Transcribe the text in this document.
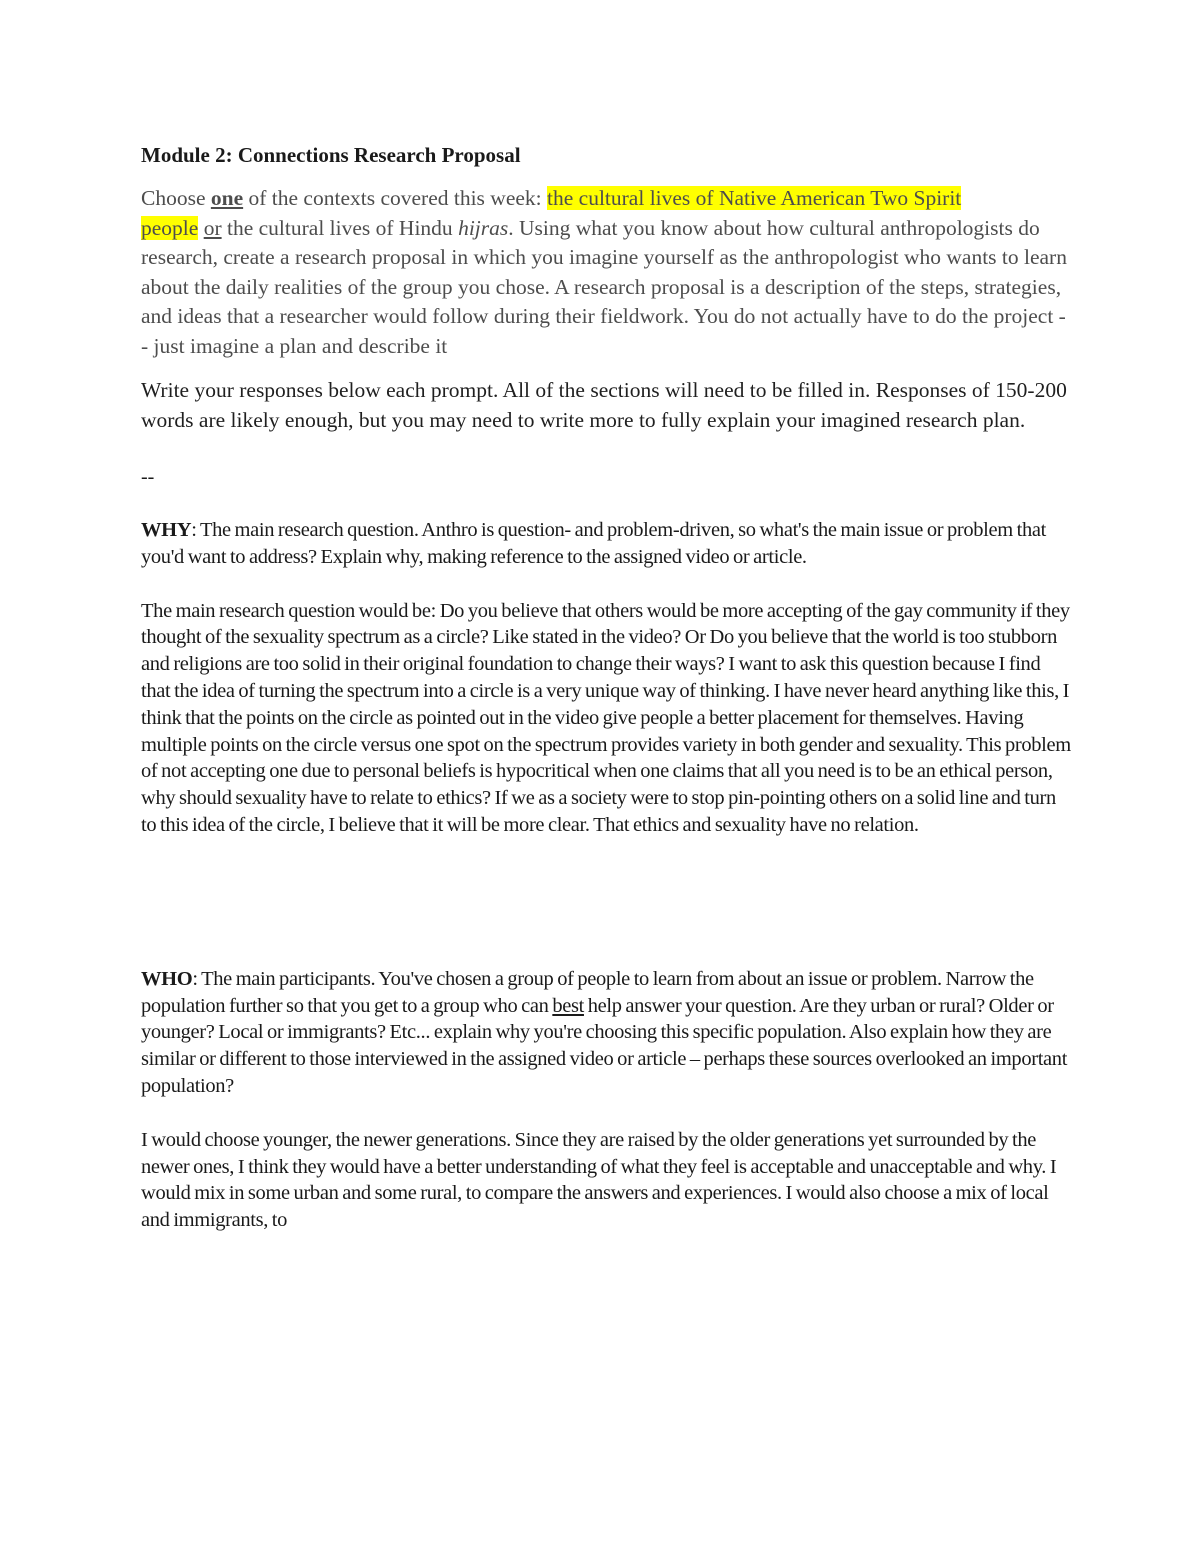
Module 2: Connections Research Proposal

Choose one of the contexts covered this week: the cultural lives of Native American Two Spirit
people or the cultural lives of Hindu hijras. Using what you know about how cultural anthropologists do research, create a research proposal in which you imagine yourself as the anthropologist who wants to learn about the daily realities of the group you chose. A research proposal is a description of the steps, strategies, and ideas that a researcher would follow during their fieldwork. You do not actually have to do the project -- just imagine a plan and describe it

Write your responses below each prompt. All of the sections will need to be filled in. Responses of 150-200 words are likely enough, but you may need to write more to fully explain your imagined research plan.

--

WHY: The main research question. Anthro is question- and problem-driven, so what's the main issue or problem that you'd want to address? Explain why, making reference to the assigned video or article.

The main research question would be: Do you believe that others would be more accepting of the gay community if they thought of the sexuality spectrum as a circle? Like stated in the video? Or Do you believe that the world is too stubborn and religions are too solid in their original foundation to change their ways? I want to ask this question because I find that the idea of turning the spectrum into a circle is a very unique way of thinking. I have never heard anything like this, I think that the points on the circle as pointed out in the video give people a better placement for themselves. Having multiple points on the circle versus one spot on the spectrum provides variety in both gender and sexuality. This problem of not accepting one due to personal beliefs is hypocritical when one claims that all you need is to be an ethical person, why should sexuality have to relate to ethics? If we as a society were to stop pin-pointing others on a solid line and turn to this idea of the circle, I believe that it will be more clear. That ethics and sexuality have no relation.

WHO: The main participants. You've chosen a group of people to learn from about an issue or problem. Narrow the population further so that you get to a group who can best help answer your question. Are they urban or rural? Older or younger? Local or immigrants? Etc... explain why you're choosing this specific population. Also explain how they are similar or different to those interviewed in the assigned video or article – perhaps these sources overlooked an important population?

I would choose younger, the newer generations. Since they are raised by the older generations yet surrounded by the newer ones, I think they would have a better understanding of what they feel is acceptable and unacceptable and why. I would mix in some urban and some rural, to compare the answers and experiences. I would also choose a mix of local and immigrants, to
